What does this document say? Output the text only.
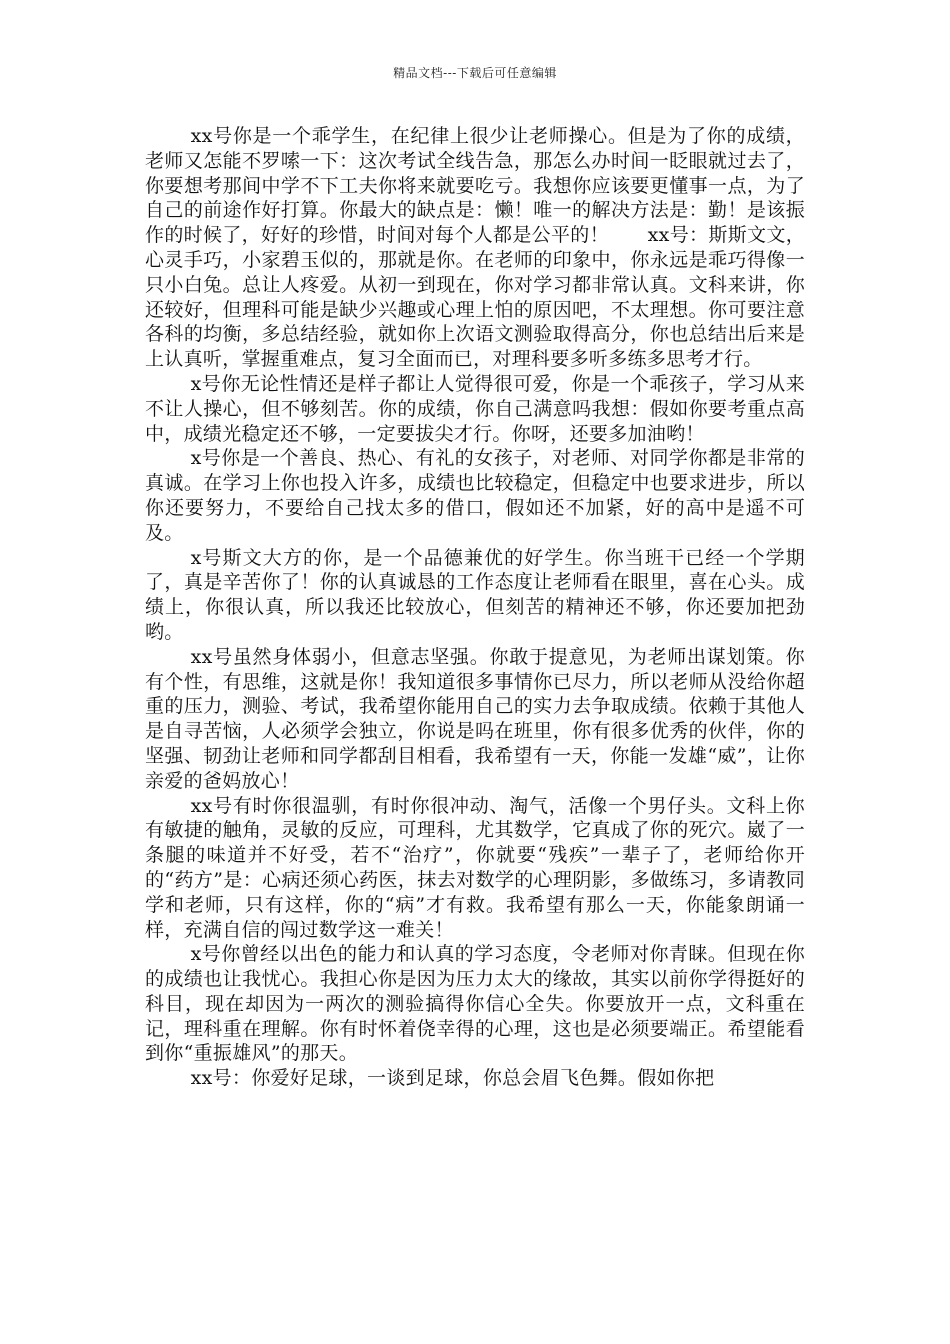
精品文档---下载后可任意编辑

xx号你是一个乖学生，在纪律上很少让老师操心。但是为了你的成绩，老师又怎能不罗嗦一下：这次考试全线告急，那怎么办时间一眨眼就过去了，你要想考那间中学不下工夫你将来就要吃亏。我想你应该要更懂事一点，为了自己的前途作好打算。你最大的缺点是：懒！唯一的解决方法是：勤！是该振作的时候了，好好的珍惜，时间对每个人都是公平的！　　xx号：斯斯文文，心灵手巧，小家碧玉似的，那就是你。在老师的印象中，你永远是乖巧得像一只小白兔。总让人疼爱。从初一到现在，你对学习都非常认真。文科来讲，你还较好，但理科可能是缺少兴趣或心理上怕的原因吧，不太理想。你可要注意各科的均衡，多总结经验，就如你上次语文测验取得高分，你也总结出后来是上认真听，掌握重难点，复习全面而已，对理科要多听多练多思考才行。

x号你无论性情还是样子都让人觉得很可爱，你是一个乖孩子，学习从来不让人操心，但不够刻苦。你的成绩，你自己满意吗我想：假如你要考重点高中，成绩光稳定还不够，一定要拔尖才行。你呀，还要多加油哟！

x号你是一个善良、热心、有礼的女孩子，对老师、对同学你都是非常的真诚。在学习上你也投入许多，成绩也比较稳定，但稳定中也要求进步，所以你还要努力，不要给自己找太多的借口，假如还不加紧，好的高中是遥不可及。

x号斯文大方的你，是一个品德兼优的好学生。你当班干已经一个学期了，真是辛苦你了！你的认真诚恳的工作态度让老师看在眼里，喜在心头。成绩上，你很认真，所以我还比较放心，但刻苦的精神还不够，你还要加把劲哟。

xx号虽然身体弱小，但意志坚强。你敢于提意见，为老师出谋划策。你有个性，有思维，这就是你！我知道很多事情你已尽力，所以老师从没给你超重的压力，测验、考试，我希望你能用自己的实力去争取成绩。依赖于其他人是自寻苦恼，人必须学会独立，你说是吗在班里，你有很多优秀的伙伴，你的坚强、韧劲让老师和同学都刮目相看，我希望有一天，你能一发雄“威”，让你亲爱的爸妈放心！

xx号有时你很温驯，有时你很冲动、淘气，活像一个男仔头。文科上你有敏捷的触角，灵敏的反应，可理科，尤其数学，它真成了你的死穴。崴了一条腿的味道并不好受，若不“治疗”，你就要“残疾”一辈子了，老师给你开的“药方”是：心病还须心药医，抹去对数学的心理阴影，多做练习，多请教同学和老师，只有这样，你的“病”才有救。我希望有那么一天，你能象朗诵一样，充满自信的闯过数学这一难关！

x号你曾经以出色的能力和认真的学习态度，令老师对你青睐。但现在你的成绩也让我忧心。我担心你是因为压力太大的缘故，其实以前你学得挺好的科目，现在却因为一两次的测验搞得你信心全失。你要放开一点，文科重在记，理科重在理解。你有时怀着侥幸得的心理，这也是必须要端正。希望能看到你“重振雄风”的那天。

xx号：你爱好足球，一谈到足球，你总会眉飞色舞。假如你把
